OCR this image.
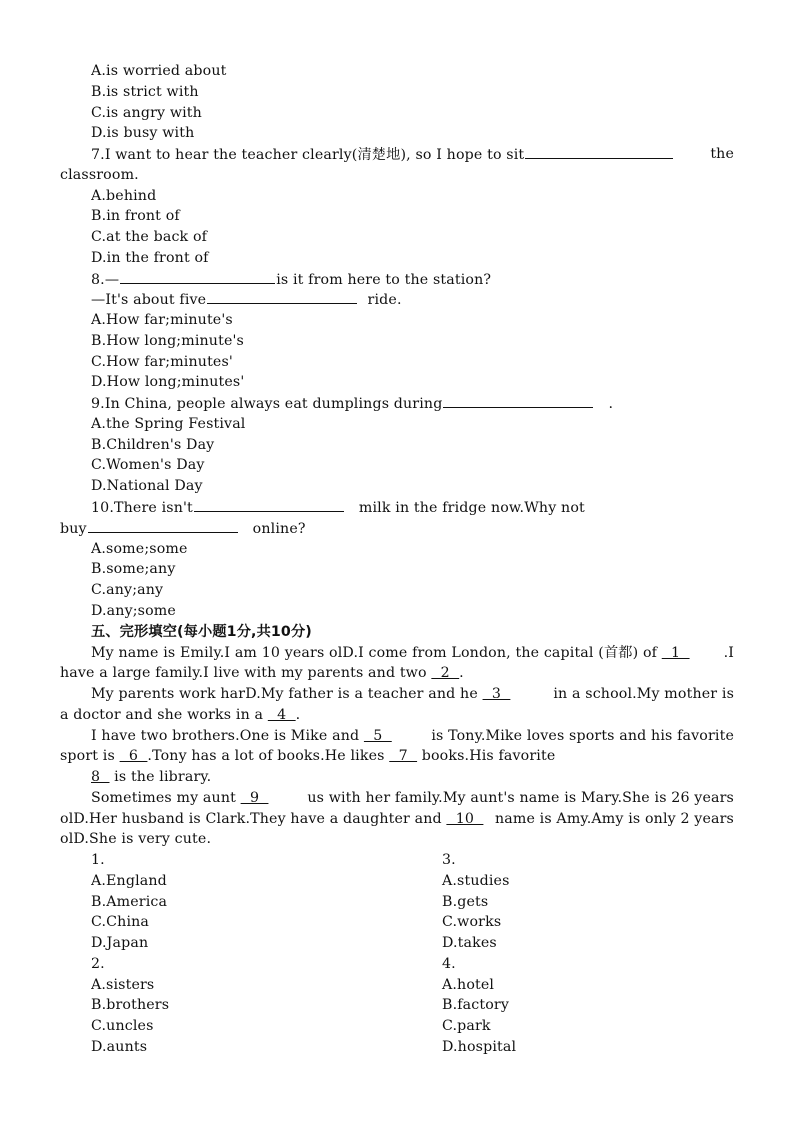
A.is worried about
B.is strict with
C.is angry with
D.is busy with
7.I want to hear the teacher clearly(清楚地), so I hope to sit	the
classroom.
A.behind
B.in front of
C.at the back of
D.in the front of
8.—	is it from here to the station?
—It's about five	ride.
A.How far;minute's
B.How long;minute's
C.How far;minutes'
D.How long;minutes'
9.In China, people always eat dumplings during	.
A.the Spring Festival
B.Children's Day
C.Women's Day
D.National Day
10.There isn't	milk in the fridge now.Why not
buy	online?
A.some;some
B.some;any
C.any;any
D.any;some
五、完形填空(每小题1分,共10分)
My name is Emily.I am 10 years olD.I come from London, the capital (首都) of   1 .I
have a large family.I live with my parents and two   2  .
My parents work harD.My father is a teacher and he   3	in a school.My mother is
a doctor and she works in a   4  .
I have two brothers.One is Mike and   5	is Tony.Mike loves sports and his favorite
sport is   6  .Tony has a lot of books.He likes   7   books.His favorite
8   is the library.
Sometimes my aunt   9	us with her family.My aunt's name is Mary.She is 26 years
olD.Her husband is Clark.They have a daughter and   10 name is Amy.Amy is only 2 years
olD.She is very cute.
1.
A.England
B.America
C.China
D.Japan
2.
A.sisters
B.brothers
C.uncles
D.aunts
3.
A.studies
B.gets
C.works
D.takes
4.
A.hotel
B.factory
C.park
D.hospital
